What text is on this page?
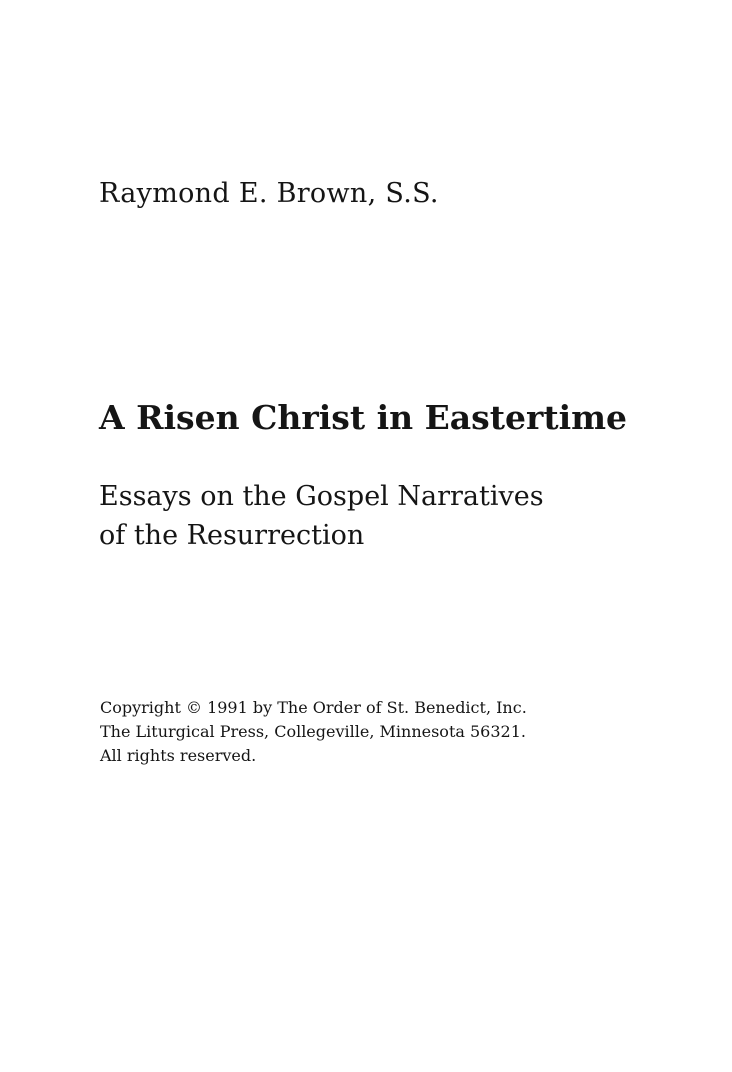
Raymond E. Brown, S.S.
A Risen Christ in Eastertime
Essays on the Gospel Narratives
of the Resurrection
Copyright © 1991 by The Order of St. Benedict, Inc.
The Liturgical Press, Collegeville, Minnesota 56321.
All rights reserved.
